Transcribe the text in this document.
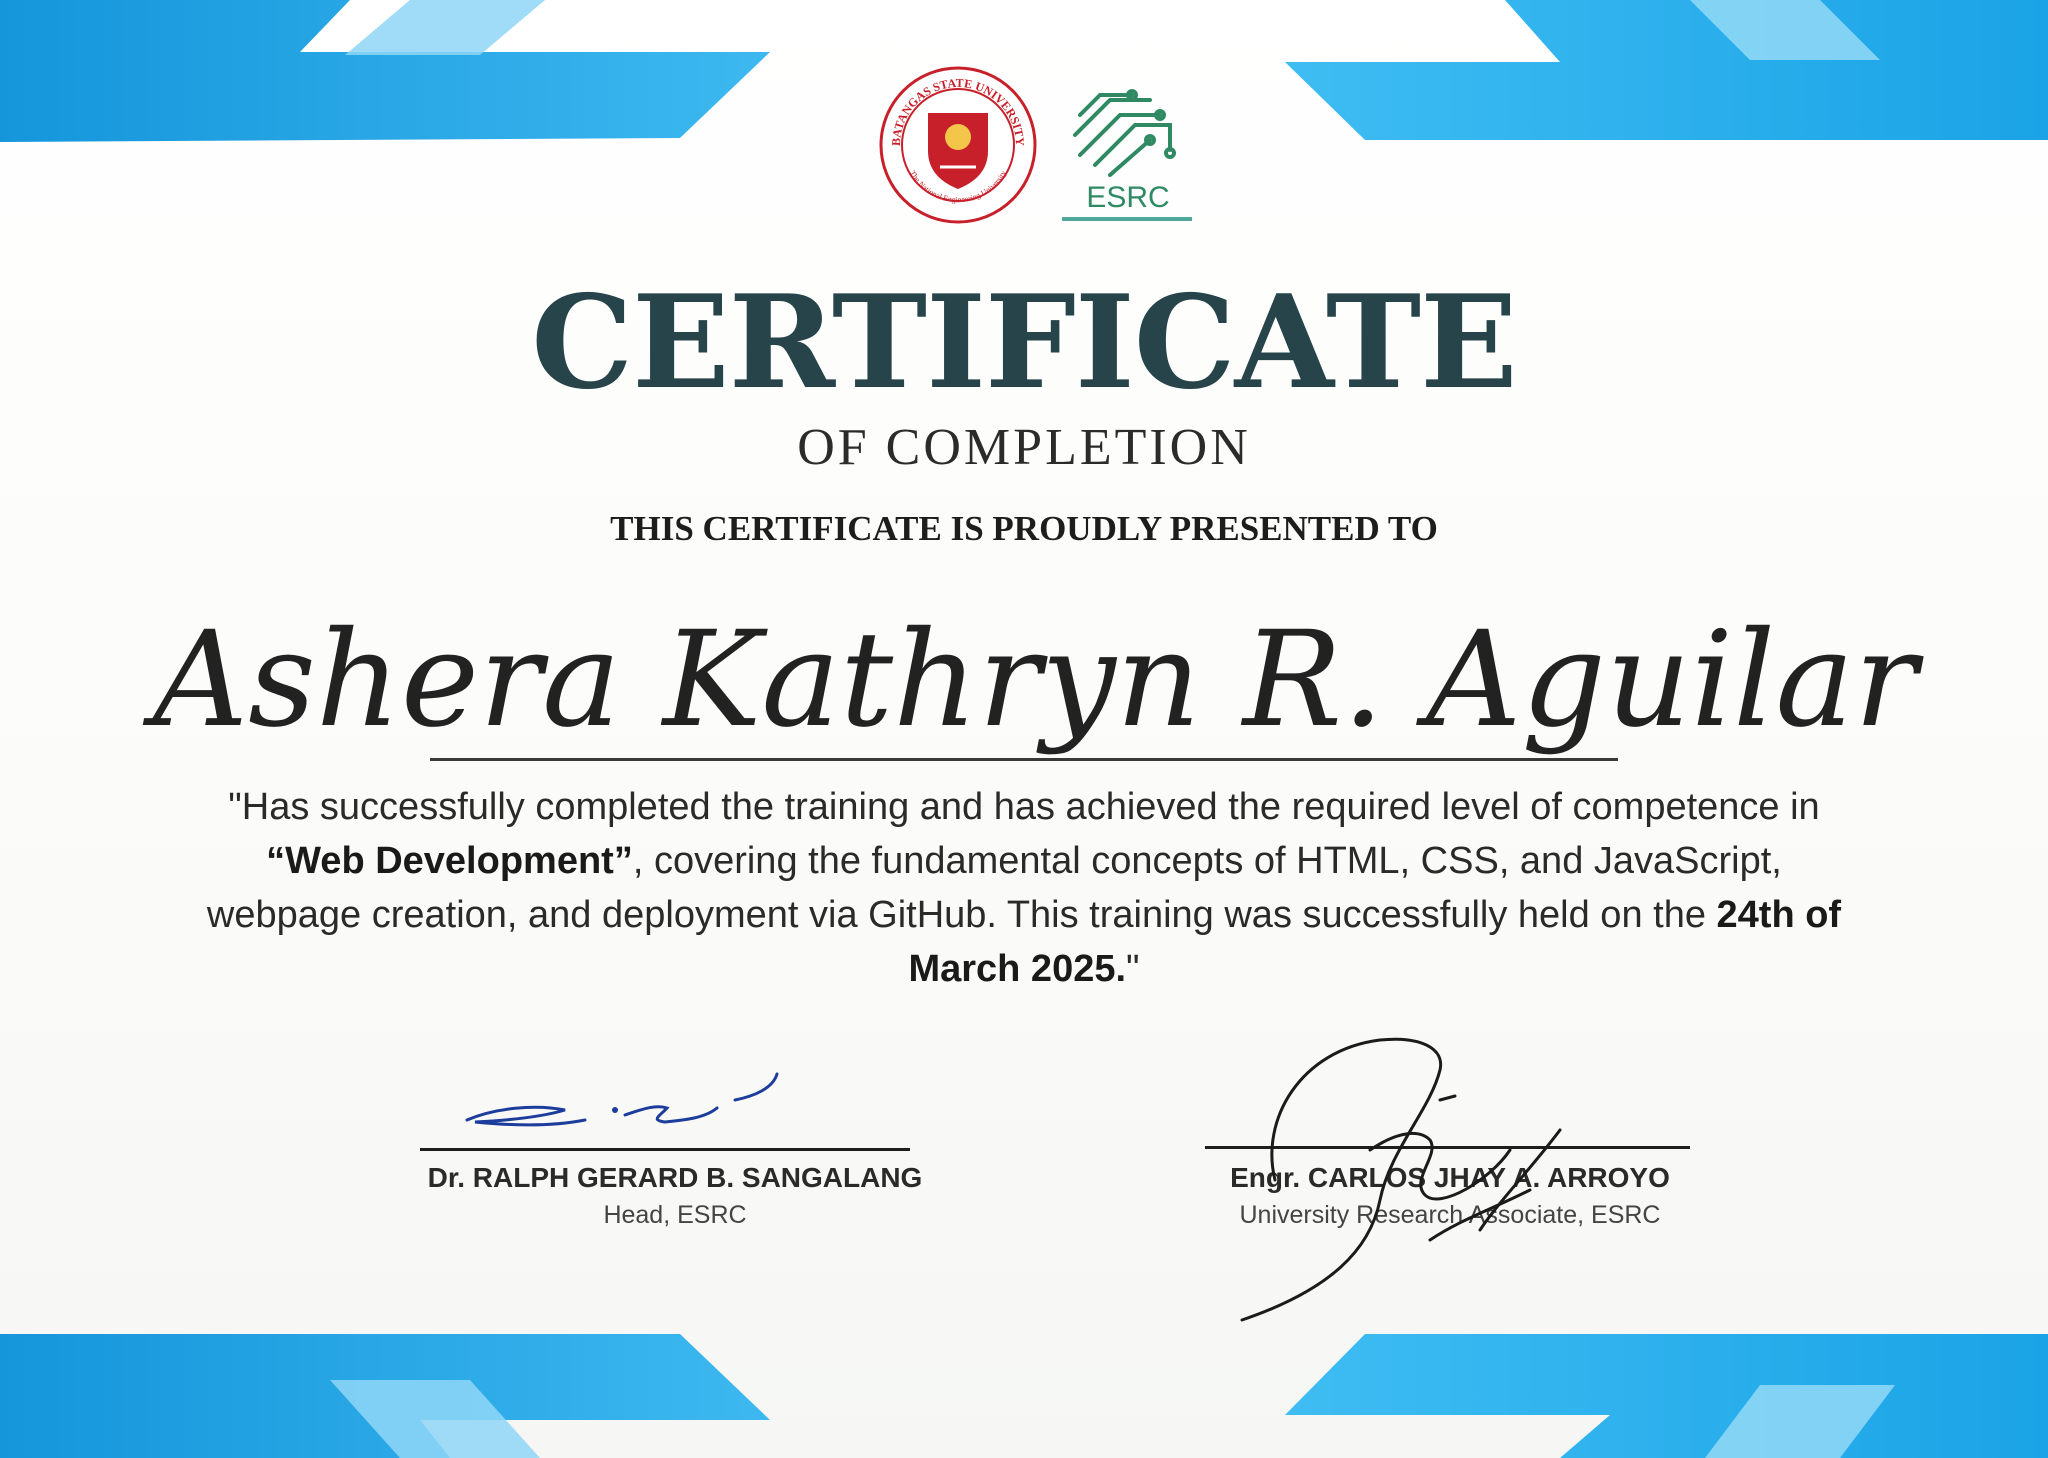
BATANGAS STATE UNIVERSITY
The National Engineering University
ESRC
CERTIFICATE
OF COMPLETION
THIS CERTIFICATE IS PROUDLY PRESENTED TO
Ashera Kathryn R. Aguilar

"Has successfully completed the training and has achieved the required level of competence in “Web Development”, covering the fundamental concepts of HTML, CSS, and JavaScript, webpage creation, and deployment via GitHub. This training was successfully held on the 24th of March 2025."

Dr. RALPH GERARD B. SANGALANG
Head, ESRC
Engr. CARLOS JHAY A. ARROYO
University Research Associate, ESRC
